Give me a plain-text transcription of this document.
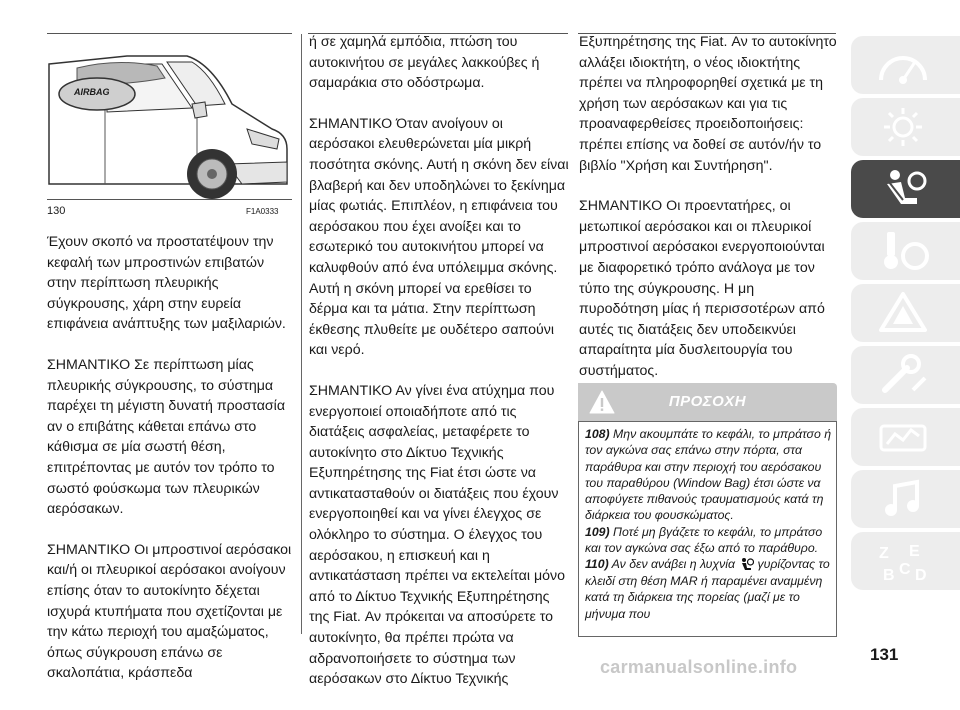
AIRBAG
130	F1A0333

Έχουν σκοπό να προστατέψουν την κεφαλή των μπροστινών επιβατών στην περίπτωση πλευρικής σύγκρουσης, χάρη στην ευρεία επιφάνεια ανάπτυξης των μαξιλαριών.

ΣΗΜΑΝΤΙΚΟ Σε περίπτωση μίας πλευρικής σύγκρουσης, το σύστημα παρέχει τη μέγιστη δυνατή προστασία αν ο επιβάτης κάθεται επάνω στο κάθισμα σε μία σωστή θέση, επιτρέποντας με αυτόν τον τρόπο το σωστό φούσκωμα των πλευρικών αερόσακων.

ΣΗΜΑΝΤΙΚΟ Οι μπροστινοί αερόσακοι και/ή οι πλευρικοί αερόσακοι ανοίγουν επίσης όταν το αυτοκίνητο δέχεται ισχυρά κτυπήματα που σχετίζονται με την κάτω περιοχή του αμαξώματος, όπως σύγκρουση επάνω σε σκαλοπάτια, κράσπεδα

ή σε χαμηλά εμπόδια, πτώση του αυτοκινήτου σε μεγάλες λακκούβες ή σαμαράκια στο οδόστρωμα.

ΣΗΜΑΝΤΙΚΟ Όταν ανοίγουν οι αερόσακοι ελευθερώνεται μία μικρή ποσότητα σκόνης. Αυτή η σκόνη δεν είναι βλαβερή και δεν υποδηλώνει το ξεκίνημα μίας φωτιάς. Επιπλέον, η επιφάνεια του αερόσακου που έχει ανοίξει και το εσωτερικό του αυτοκινήτου μπορεί να καλυφθούν από ένα υπόλειμμα σκόνης. Αυτή η σκόνη μπορεί να ερεθίσει το δέρμα και τα μάτια. Στην περίπτωση έκθεσης πλυθείτε με ουδέτερο σαπούνι και νερό.

ΣΗΜΑΝΤΙΚΟ Αν γίνει ένα ατύχημα που ενεργοποιεί οποιαδήποτε από τις διατάξεις ασφαλείας, μεταφέρετε το αυτοκίνητο στο Δίκτυο Τεχνικής Εξυπηρέτησης της Fiat έτσι ώστε να αντικατασταθούν οι διατάξεις που έχουν ενεργοποιηθεί και να γίνει έλεγχος σε ολόκληρο το σύστημα. Ο έλεγχος του αερόσακου, η επισκευή και η αντικατάσταση πρέπει να εκτελείται μόνο από το Δίκτυο Τεχνικής Εξυπηρέτησης της Fiat. Αν πρόκειται να αποσύρετε το αυτοκίνητο, θα πρέπει πρώτα να αδρανοποιήσετε το σύστημα των αερόσακων στο Δίκτυο Τεχνικής

Εξυπηρέτησης της Fiat. Αν το αυτοκίνητο αλλάξει ιδιοκτήτη, ο νέος ιδιοκτήτης πρέπει να πληροφορηθεί σχετικά με τη χρήση των αερόσακων και για τις προαναφερθείσες προειδοποιήσεις: πρέπει επίσης να δοθεί σε αυτόν/ήν το βιβλίο "Χρήση και Συντήρηση".

ΣΗΜΑΝΤΙΚΟ Οι προεντατήρες, οι μετωπικοί αερόσακοι και οι πλευρικοί μπροστινοί αερόσακοι ενεργοποιούνται με διαφορετικό τρόπο ανάλογα με τον τύπο της σύγκρουσης. Η μη πυροδότηση μίας ή περισσοτέρων από αυτές τις διατάξεις δεν υποδεικνύει απαραίτητα μία δυσλειτουργία του συστήματος.

ΠΡΟΣΟΧΗ

108) Μην ακουμπάτε το κεφάλι, το μπράτσο ή τον αγκώνα σας επάνω στην πόρτα, στα παράθυρα και στην περιοχή του αερόσακου του παραθύρου (Window Bag) έτσι ώστε να αποφύγετε πιθανούς τραυματισμούς κατά τη διάρκεια του φουσκώματος.

109) Ποτέ μη βγάζετε το κεφάλι, το μπράτσο και τον αγκώνα σας έξω από το παράθυρο.

110) Αν δεν ανάβει η λυχνία γυρίζοντας το κλειδί στη θέση MAR ή παραμένει αναμμένη κατά τη διάρκεια της πορείας (μαζί με το μήνυμα που

Z E
B C D
131
carmanualsonline.info
